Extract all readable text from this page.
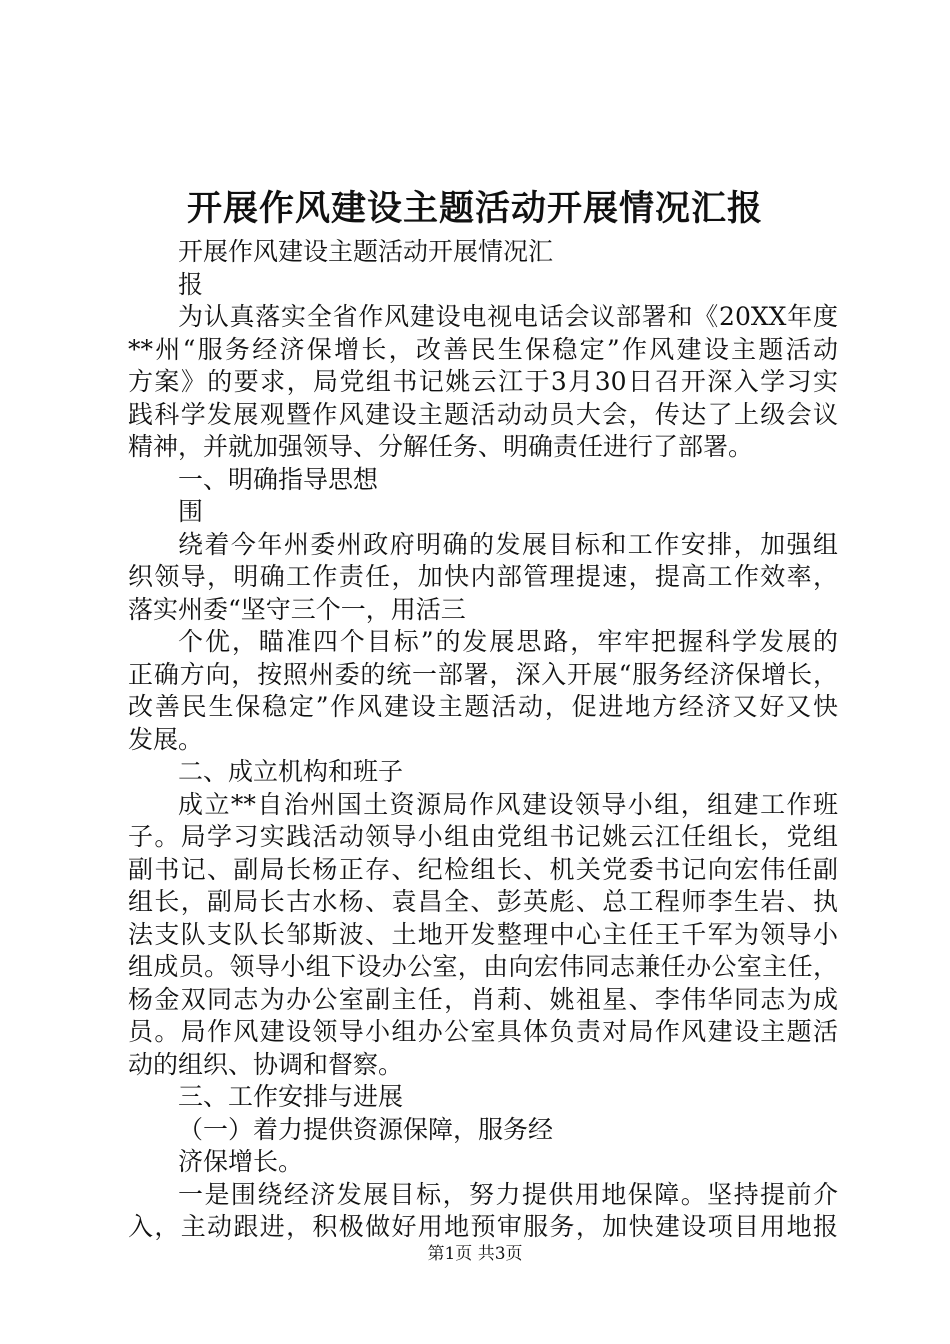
开展作风建设主题活动开展情况汇报
开展作风建设主题活动开展情况汇
报
为认真落实全省作风建设电视电话会议部署和《20XX年度
**州“服务经济保增长，改善民生保稳定”作风建设主题活动
方案》的要求，局党组书记姚云江于3月30日召开深入学习实
践科学发展观暨作风建设主题活动动员大会，传达了上级会议
精神，并就加强领导、分解任务、明确责任进行了部署。
一、明确指导思想
围
绕着今年州委州政府明确的发展目标和工作安排，加强组
织领导，明确工作责任，加快内部管理提速，提高工作效率，
落实州委“坚守三个一，用活三
个优，瞄准四个目标”的发展思路，牢牢把握科学发展的
正确方向，按照州委的统一部署，深入开展“服务经济保增长，
改善民生保稳定”作风建设主题活动，促进地方经济又好又快
发展。
二、成立机构和班子
成立**自治州国土资源局作风建设领导小组，组建工作班
子。局学习实践活动领导小组由党组书记姚云江任组长，党组
副书记、副局长杨正存、纪检组长、机关党委书记向宏伟任副
组长，副局长古水杨、袁昌全、彭英彪、总工程师李生岩、执
法支队支队长邹斯波、土地开发整理中心主任王千军为领导小
组成员。领导小组下设办公室，由向宏伟同志兼任办公室主任，
杨金双同志为办公室副主任，肖莉、姚祖星、李伟华同志为成
员。局作风建设领导小组办公室具体负责对局作风建设主题活
动的组织、协调和督察。
三、工作安排与进展
（一）着力提供资源保障，服务经
济保增长。
一是围绕经济发展目标，努力提供用地保障。坚持提前介
入，主动跟进，积极做好用地预审服务，加快建设项目用地报
第1页 共3页
